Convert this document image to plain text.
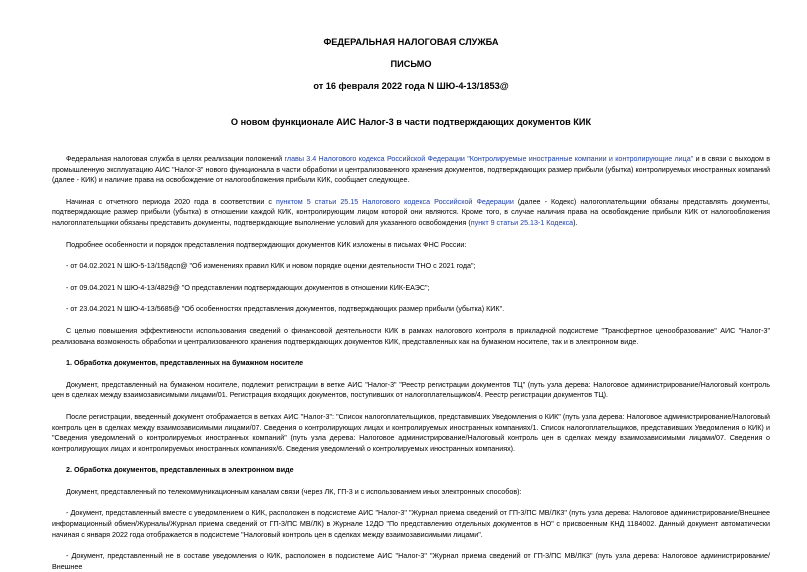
ФЕДЕРАЛЬНАЯ НАЛОГОВАЯ СЛУЖБА
ПИСЬМО
от 16 февраля 2022 года N ШЮ-4-13/1853@
О новом функционале АИС Налог-3 в части подтверждающих документов КИК

Федеральная налоговая служба в целях реализации положений главы 3.4 Налогового кодекса Российской Федерации "Контролируемые иностранные компании и контролирующие лица" и в связи с выходом в промышленную эксплуатацию АИС "Налог-3" нового функционала в части обработки и централизованного хранения документов, подтверждающих размер прибыли (убытка) контролируемых иностранных компаний (далее - КИК) и наличие права на освобождение от налогообложения прибыли КИК, сообщает следующее.

Начиная с отчетного периода 2020 года в соответствии с пунктом 5 статьи 25.15 Налогового кодекса Российской Федерации (далее - Кодекс) налогоплательщики обязаны представлять документы, подтверждающие размер прибыли (убытка) в отношении каждой КИК, контролирующим лицом которой они являются. Кроме того, в случае наличия права на освобождение прибыли КИК от налогообложения налогоплательщики обязаны представить документы, подтверждающие выполнение условий для указанного освобождения (пункт 9 статьи 25.13-1 Кодекса).

Подробнее особенности и порядок представления подтверждающих документов КИК изложены в письмах ФНС России:

- от 04.02.2021 N ШЮ-5-13/158дсп@ "Об изменениях правил КИК и новом порядке оценки деятельности ТНО с 2021 года";

- от 09.04.2021 N ШЮ-4-13/4829@ "О представлении подтверждающих документов в отношении КИК-ЕАЭС";

- от 23.04.2021 N ШЮ-4-13/5685@ "Об особенностях представления документов, подтверждающих размер прибыли (убытка) КИК".

С целью повышения эффективности использования сведений о финансовой деятельности КИК в рамках налогового контроля в прикладной подсистеме "Трансфертное ценообразование" АИС "Налог-3" реализована возможность обработки и централизованного хранения подтверждающих документов КИК, представленных как на бумажном носителе, так и в электронном виде.

1. Обработка документов, представленных на бумажном носителе

Документ, представленный на бумажном носителе, подлежит регистрации в ветке АИС "Налог-3" "Реестр регистрации документов ТЦ" (путь узла дерева: Налоговое администрирование/Налоговый контроль цен в сделках между взаимозависимыми лицами/01. Регистрация входящих документов, поступивших от налогоплательщиков/4. Реестр регистрации документов ТЦ).

После регистрации, введенный документ отображается в ветках АИС "Налог-3": "Список налогоплательщиков, представивших Уведомления о КИК" (путь узла дерева: Налоговое администрирование/Налоговый контроль цен в сделках между взаимозависимыми лицами/07. Сведения о контролирующих лицах и контролируемых иностранных компаниях/1. Список налогоплательщиков, представивших Уведомления о КИК) и "Сведения уведомлений о контролируемых иностранных компаний" (путь узла дерева: Налоговое администрирование/Налоговый контроль цен в сделках между взаимозависимыми лицами/07. Сведения о контролирующих лицах и контролируемых иностранных компаниях/6. Сведения уведомлений о контролируемых иностранных компаниях).

2. Обработка документов, представленных в электронном виде

Документ, представленный по телекоммуникационным каналам связи (через ЛК, ГП-3 и с использованием иных электронных способов):

- Документ, представленный вместе с уведомлением о КИК, расположен в подсистеме АИС "Налог-3" "Журнал приема сведений от ГП-3/ПС МВ/ЛК3" (путь узла дерева: Налоговое администрирование/Внешнее информационный обмен/Журналы/Журнал приема сведений от ГП-3/ПС МВ/ЛК) в Журнале 12ДО "По представлению отдельных документов в НО" с присвоенным КНД 1184002. Данный документ автоматически начиная с января 2022 года отображается в подсистеме "Налоговый контроль цен в сделках между взаимозависимыми лицами".

- Документ, представленный не в составе уведомления о КИК, расположен в подсистеме АИС "Налог-3" "Журнал приема сведений от ГП-3/ПС МВ/ЛК3" (путь узла дерева: Налоговое администрирование/Внешнее
